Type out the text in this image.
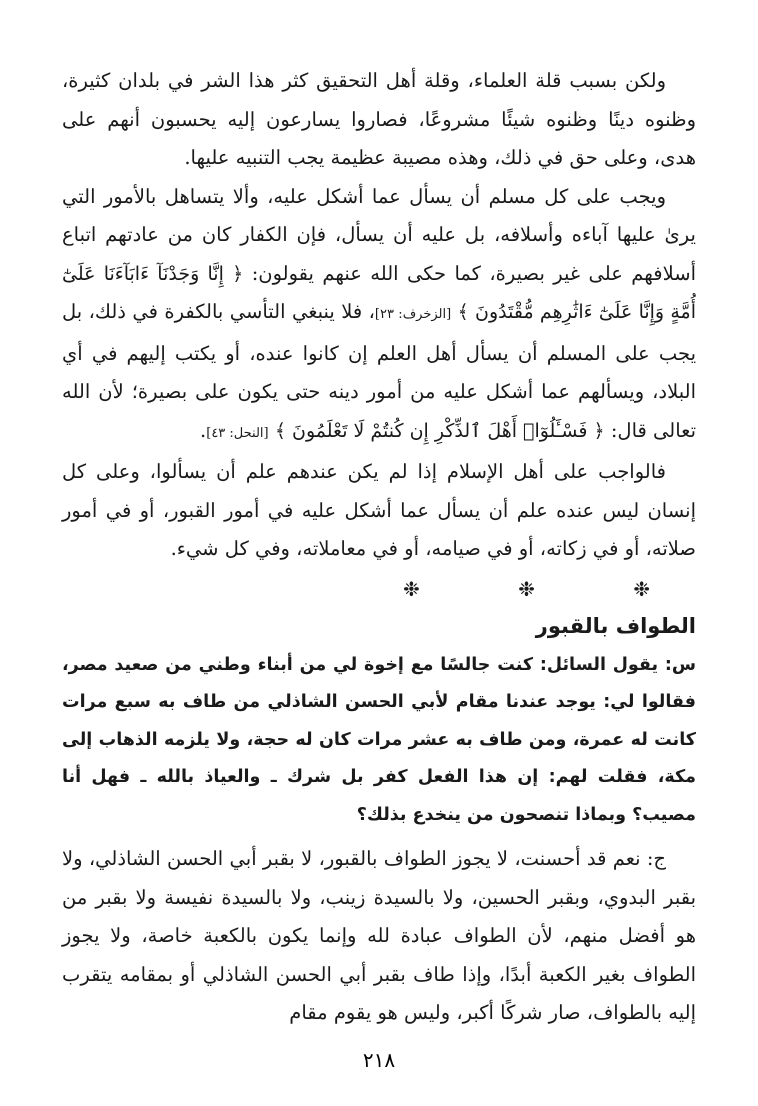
ولكن بسبب قلة العلماء، وقلة أهل التحقيق كثر هذا الشر في بلدان كثيرة، وظنوه دينًا وظنوه شيئًا مشروعًا، فصاروا يسارعون إليه يحسبون أنهم على هدى، وعلى حق في ذلك، وهذه مصيبة عظيمة يجب التنبيه عليها.

ويجب على كل مسلم أن يسأل عما أشكل عليه، وألا يتساهل بالأمور التي يرىٰ عليها آباءه وأسلافه، بل عليه أن يسأل، فإن الكفار كان من عادتهم اتباع أسلافهم على غير بصيرة، كما حكى الله عنهم يقولون: ﴿ إِنَّا وَجَدْنَآ ءَابَآءَنَا عَلَىٰٓ أُمَّةٍ وَإِنَّا عَلَىٰٓ ءَاثَٰرِهِم مُّقْتَدُونَ ﴾ [الزخرف: ٢٣]، فلا ينبغي التأسي بالكفرة في ذلك، بل يجب على المسلم أن يسأل أهل العلم إن كانوا عنده، أو يكتب إليهم في أي البلاد، ويسألهم عما أشكل عليه من أمور دينه حتى يكون على بصيرة؛ لأن الله تعالى قال: ﴿ فَسْـَٔلُوٓا۟ أَهْلَ ٱلذِّكْرِ إِن كُنتُمْ لَا تَعْلَمُونَ ﴾ [النحل: ٤٣].

فالواجب على أهل الإسلام إذا لم يكن عندهم علم أن يسألوا، وعلى كل إنسان ليس عنده علم أن يسأل عما أشكل عليه في أمور القبور، أو في أمور صلاته، أو في زكاته، أو في صيامه، أو في معاملاته، وفي كل شيء.

❉ ❉ ❉
الطواف بالقبور

س: يقول السائل: كنت جالسًا مع إخوة لي من أبناء وطني من صعيد مصر، فقالوا لي: يوجد عندنا مقام لأبي الحسن الشاذلي من طاف به سبع مرات كانت له عمرة، ومن طاف به عشر مرات كان له حجة، ولا يلزمه الذهاب إلى مكة، فقلت لهم: إن هذا الفعل كفر بل شرك ـ والعياذ بالله ـ فهل أنا مصيب؟ وبماذا تنصحون من ينخدع بذلك؟

ج: نعم قد أحسنت، لا يجوز الطواف بالقبور، لا بقبر أبي الحسن الشاذلي، ولا بقبر البدوي، وبقبر الحسين، ولا بالسيدة زينب، ولا بالسيدة نفيسة ولا بقبر من هو أفضل منهم، لأن الطواف عبادة لله وإنما يكون بالكعبة خاصة، ولا يجوز الطواف بغير الكعبة أبدًا، وإذا طاف بقبر أبي الحسن الشاذلي أو بمقامه يتقرب إليه بالطواف، صار شركًا أكبر، وليس هو يقوم مقام

٢١٨
